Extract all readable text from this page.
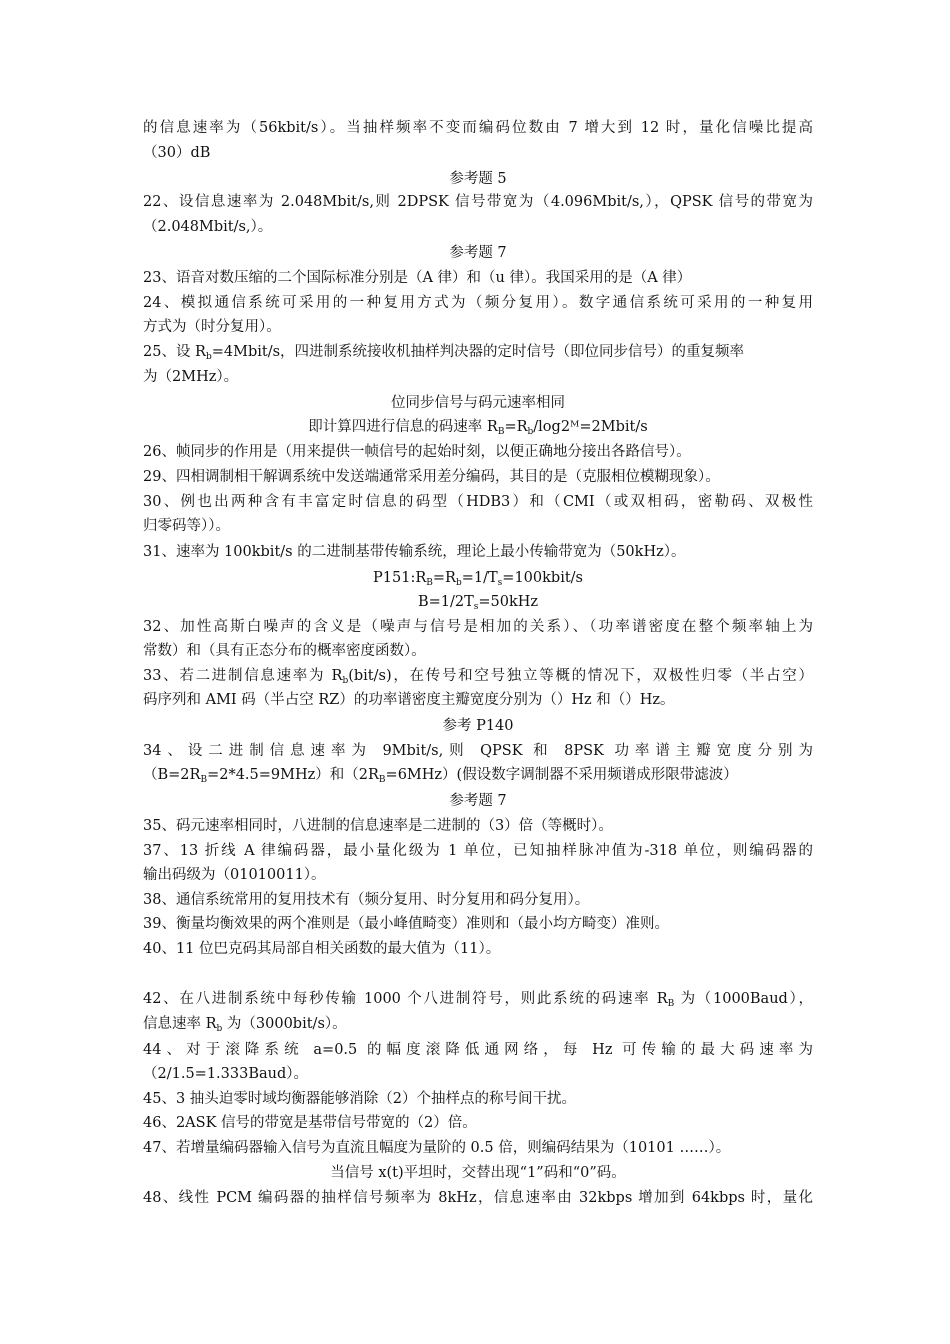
的信息速率为（56kbit/s）。当抽样频率不变而编码位数由 7 增大到 12 时，量化信噪比提高
（30）dB
参考题 5
22、设信息速率为 2.048Mbit/s,则 2DPSK 信号带宽为（4.096Mbit/s,），QPSK 信号的带宽为
（2.048Mbit/s,）。
参考题 7
23、语音对数压缩的二个国际标准分别是（A 律）和（u 律）。我国采用的是（A 律）
24、模拟通信系统可采用的一种复用方式为（频分复用）。数字通信系统可采用的一种复用
方式为（时分复用）。
25、设 $R_b=4Mbit/s$，四进制系统接收机抽样判决器的定时信号（即位同步信号）的重复频率
为（2MHz）。
位同步信号与码元速率相同
即计算四进行信息的码速率 $R_B=R_b/\log 2ᴹ=2Mbit/s$
26、帧同步的作用是（用来提供一帧信号的起始时刻，以便正确地分接出各路信号）。
29、四相调制相干解调系统中发送端通常采用差分编码，其目的是（克服相位模糊现象）。
30、例也出两种含有丰富定时信息的码型（HDB3）和（CMI（或双相码，密勒码、双极性
归零码等））。
31、速率为 100kbit/s 的二进制基带传输系统，理论上最小传输带宽为（50kHz）。
$P151:R_B=R_b=1/T_s=100kbit/s$
$B=1/2T_s=50kHz$
32、加性高斯白噪声的含义是（噪声与信号是相加的关系）、（功率谱密度在整个频率轴上为
常数）和（具有正态分布的概率密度函数）。
33、若二进制信息速率为 $R_b(bit/s)$，在传号和空号独立等概的情况下，双极性归零（半占空）
码序列和 AMI 码（半占空 RZ）的功率谱密度主瓣宽度分别为（）Hz 和（）Hz。
参考 P140
34、设二进制信息速率为 9Mbit/s,则 QPSK 和 8PSK 功率谱主瓣宽度分别为
$(B=2R_B=2*4.5=9MHz)$和$(2R_B=6MHz)$(假设数字调制器不采用频谱成形限带滤波）
参考题 7
35、码元速率相同时，八进制的信息速率是二进制的（3）倍（等概时）。
37、13 折线 A 律编码器，最小量化级为 1 单位，已知抽样脉冲值为-318 单位，则编码器的
输出码级为（01010011）。
38、通信系统常用的复用技术有（频分复用、时分复用和码分复用）。
39、衡量均衡效果的两个准则是（最小峰值畸变）准则和（最小均方畸变）准则。
40、11 位巴克码其局部自相关函数的最大值为（11）。
42、在八进制系统中每秒传输 1000 个八进制符号，则此系统的码速率 $R_B$ 为（1000Baud），
信息速率 $R_b$ 为（3000bit/s）。
44、对于滚降系统 a=0.5 的幅度滚降低通网络，每 Hz 可传输的最大码速率为
（2/1.5=1.333Baud）。
45、3 抽头迫零时域均衡器能够消除（2）个抽样点的称号间干扰。
46、2ASK 信号的带宽是基带信号带宽的（2）倍。
47、若增量编码器输入信号为直流且幅度为量阶的 0.5 倍，则编码结果为（10101 ……）。
当信号 x(t)平坦时，交替出现“1”码和“0”码。
48、线性 PCM 编码器的抽样信号频率为 8kHz，信息速率由 32kbps 增加到 64kbps 时，量化
